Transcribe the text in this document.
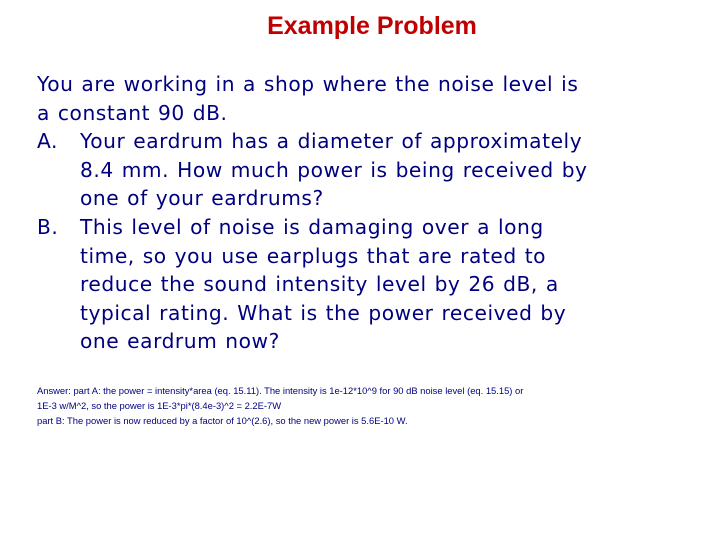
Example Problem
You are working in a shop where the noise level is
a constant 90 dB.
A. Your eardrum has a diameter of approximately
8.4 mm. How much power is being received by
one of your eardrums?
B. This level of noise is damaging over a long
time, so you use earplugs that are rated to
reduce the sound intensity level by 26 dB, a
typical rating. What is the power received by
one eardrum now?
Answer: part A: the power = intensity*area (eq. 15.11). The intensity is 1e-12*10^9 for 90 dB noise level (eq. 15.15) or
1E-3 w/M^2, so the power is 1E-3*pi*(8.4e-3)^2 = 2.2E-7W
part B: The power is now reduced by a factor of 10^(2.6), so the new power is 5.6E-10 W.
